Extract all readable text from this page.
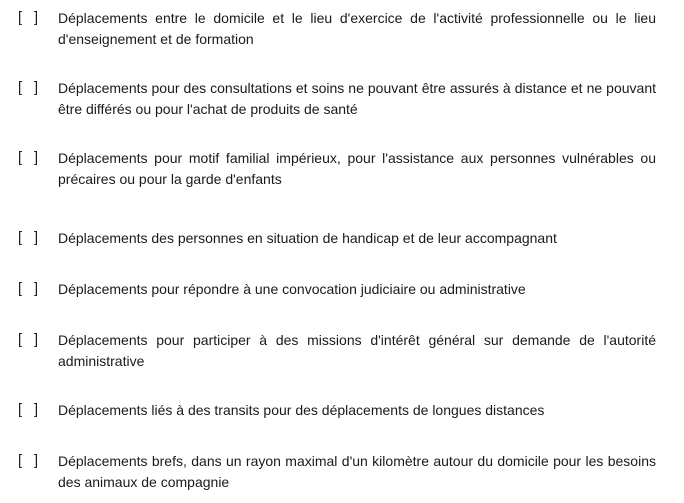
[ ] Déplacements entre le domicile et le lieu d'exercice de l'activité professionnelle ou le lieu d'enseignement et de formation
[ ] Déplacements pour des consultations et soins ne pouvant être assurés à distance et ne pouvant être différés ou pour l'achat de produits de santé
[ ] Déplacements pour motif familial impérieux, pour l'assistance aux personnes vulnérables ou précaires ou pour la garde d'enfants
[ ] Déplacements des personnes en situation de handicap et de leur accompagnant
[ ] Déplacements pour répondre à une convocation judiciaire ou administrative
[ ] Déplacements pour participer à des missions d'intérêt général sur demande de l'autorité administrative
[ ] Déplacements liés à des transits pour des déplacements de longues distances
[ ] Déplacements brefs, dans un rayon maximal d'un kilomètre autour du domicile pour les besoins des animaux de compagnie
